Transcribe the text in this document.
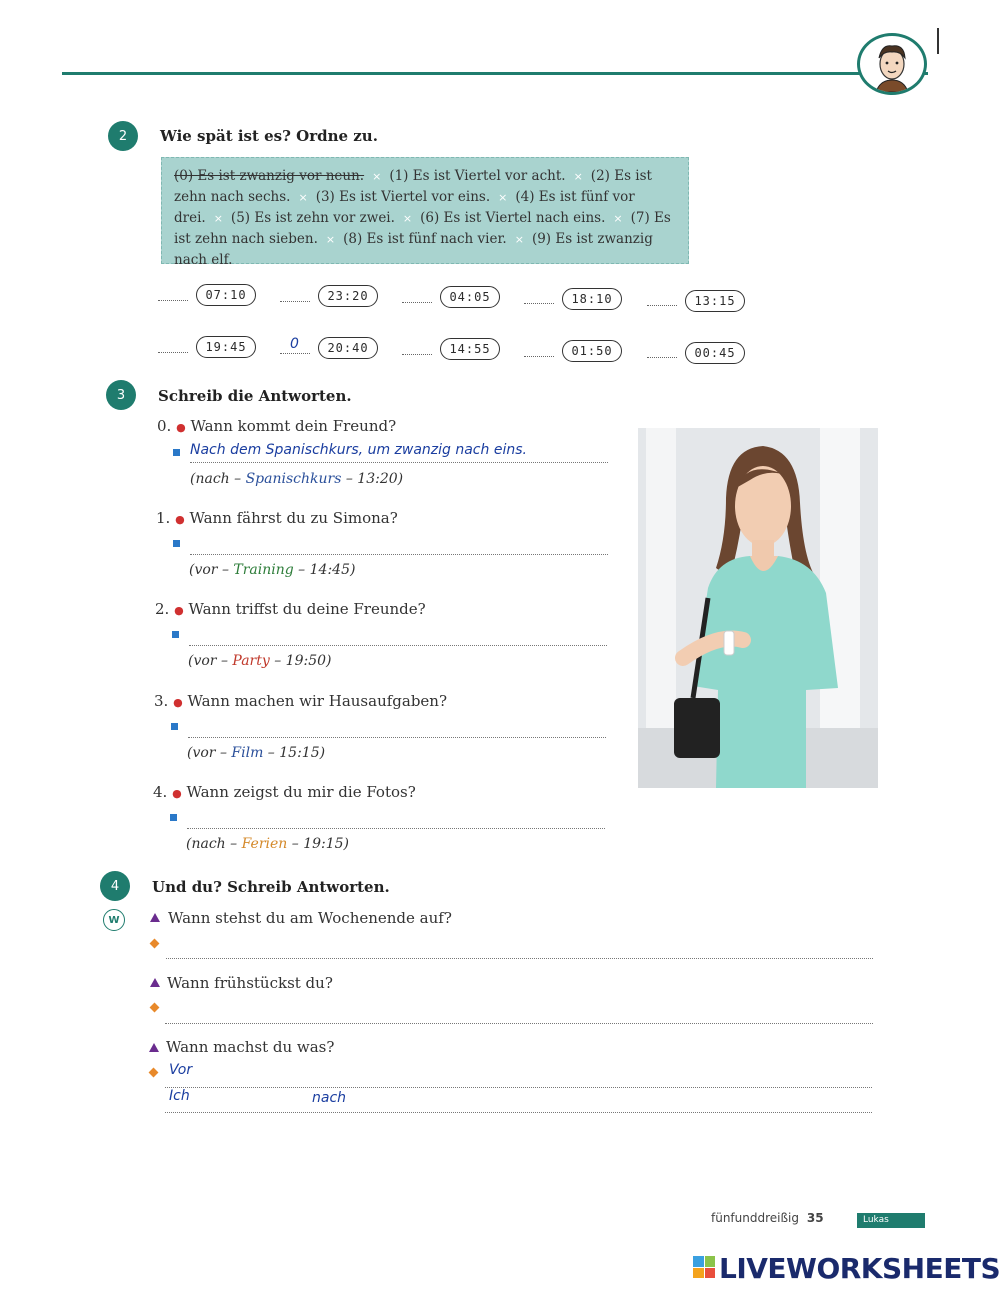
2	Wie spät ist es? Ordne zu.
(0) Es ist zwanzig vor neun. × (1) Es ist Viertel vor acht. × (2) Es ist zehn nach sechs. × (3) Es ist Viertel vor eins. × (4) Es ist fünf vor drei. × (5) Es ist zehn vor zwei. × (6) Es ist Viertel nach eins. × (7) Es ist zehn nach sieben. × (8) Es ist fünf nach vier. × (9) Es ist zwanzig nach elf.
07:10	23:20	04:05	18:10	13:15
19:45	0	20:40	14:55	01:50	00:45
3	Schreib die Antworten.
0. ● Wann kommt dein Freund?
Nach dem Spanischkurs, um zwanzig nach eins.
(nach – Spanischkurs – 13:20)
1. ● Wann fährst du zu Simona?
(vor – Training – 14:45)
2. ● Wann triffst du deine Freunde?
(vor – Party – 19:50)
3. ● Wann machen wir Hausaufgaben?
(vor – Film – 15:15)
4. ● Wann zeigst du mir die Fotos?
(nach – Ferien – 19:15)
4	Und du? Schreib Antworten.
W	Wann stehst du am Wochenende auf?
Wann frühstückst du?
Wann machst du was?
Vor
Ich	nach
fünfunddreißig 35	Lukas
LIVEWORKSHEETS
